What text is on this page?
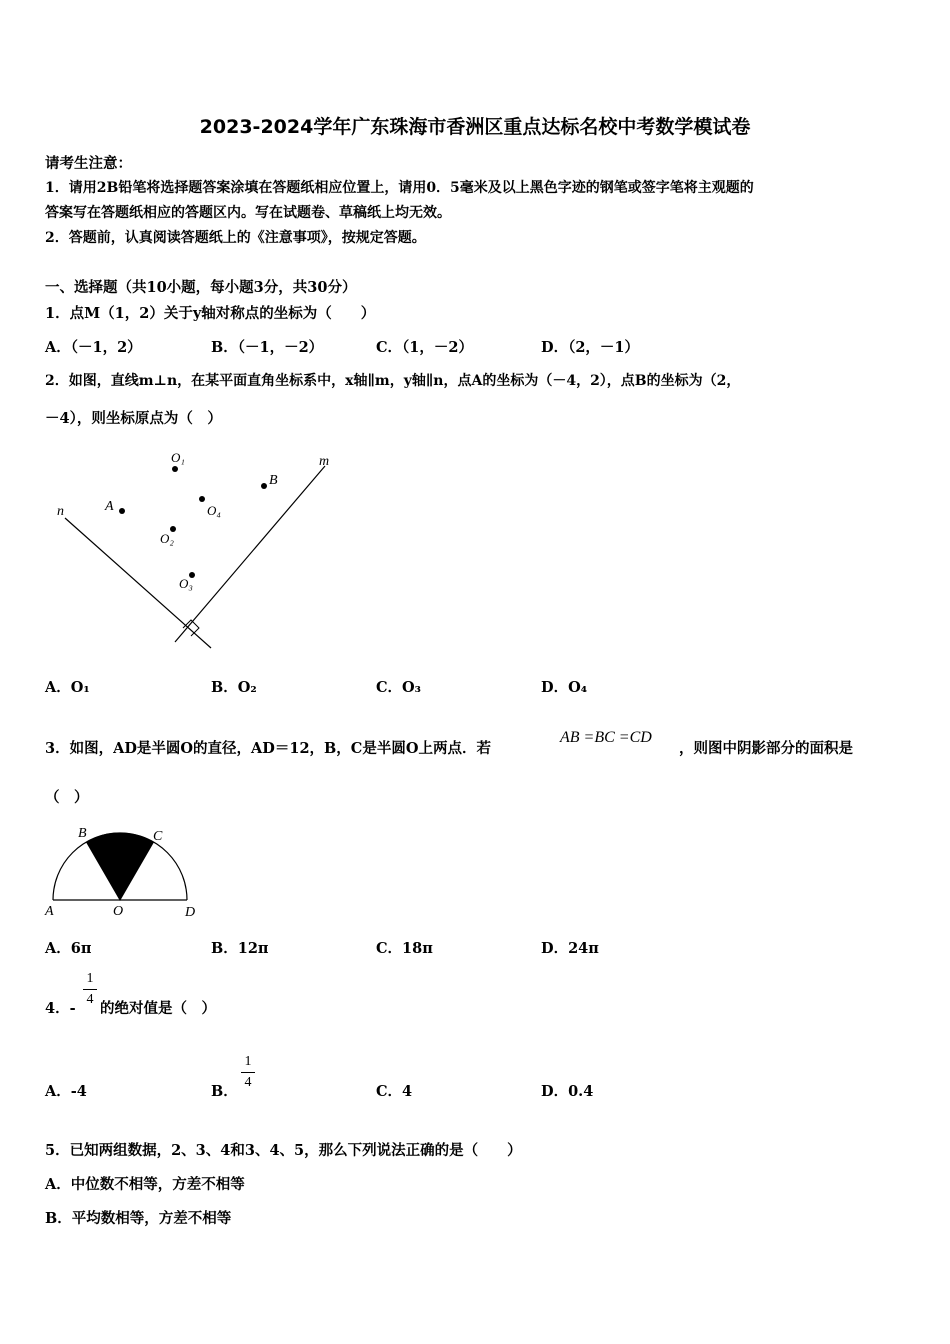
2023-2024学年广东珠海市香洲区重点达标名校中考数学模试卷
请考生注意：
1．请用2B铅笔将选择题答案涂填在答题纸相应位置上，请用0．5毫米及以上黑色字迹的钢笔或签字笔将主观题的
答案写在答题纸相应的答题区内。写在试题卷、草稿纸上均无效。
2．答题前，认真阅读答题纸上的《注意事项》，按规定答题。
一、选择题（共10小题，每小题3分，共30分）
1．点M（1，2）关于y轴对称点的坐标为（　　）
A．（－1，2）	B．（－1，－2）	C．（1，－2）	D．（2，－1）
2．如图，直线m⊥n，在某平面直角坐标系中，x轴∥m，y轴∥n，点A的坐标为（－4，2），点B的坐标为（2，
－4），则坐标原点为（　）
m
n
O₁
B
A	O₄
O₂
O₃
A．O₁	B．O₂	C．O₃	D．O₄
3．如图，AD是半圆O的直径，AD＝12，B，C是半圆O上两点．若
AB =BC =CD
，则图中阴影部分的面积是
（　）
A	O	D
B	C
A．6π	B．12π	C．18π	D．24π
4．-
1
4
的绝对值是（　）
A．-4	B．
1
4
C．4	D．0.4
5．已知两组数据，2、3、4和3、4、5，那么下列说法正确的是（　　）
A．中位数不相等，方差不相等
B．平均数相等，方差不相等
